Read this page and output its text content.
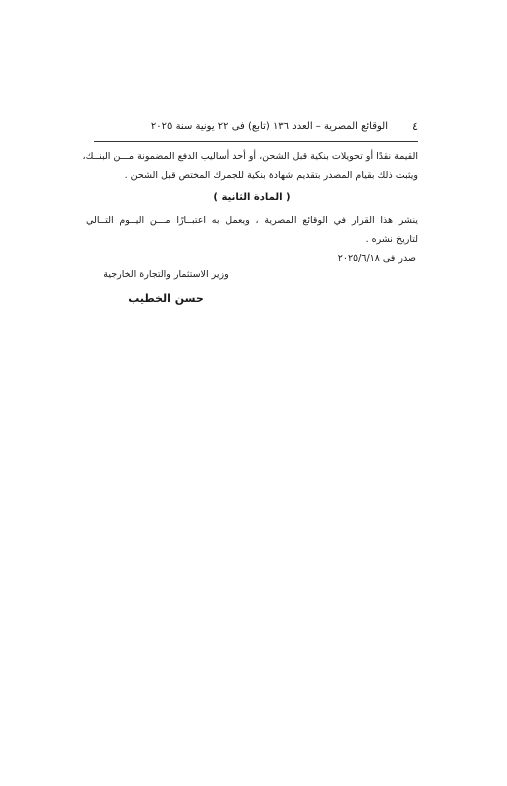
٤
الوقائع المصرية – العدد ١٣٦ (تابع) فى ٢٢ يونية سنة ٢٠٢٥
القيمة نقدًا أو تحويلات بنكية قبل الشحن، أو أحد أساليب الدفع المضمونة مـــن البنــك،
ويثبت ذلك بقيام المصدر بتقديم شهادة بنكية للجمرك المختص قبل الشحن .
( المادة الثانية )
ينشر هذا القرار في الوقائع المصرية ، ويعمل به اعتبــارًا مـــن اليــوم التــالي
لتاريخ نشره .
صدر فى ٢٠٢٥/٦/١٨
وزير الاستثمار والتجارة الخارجية
حسن الخطيب
